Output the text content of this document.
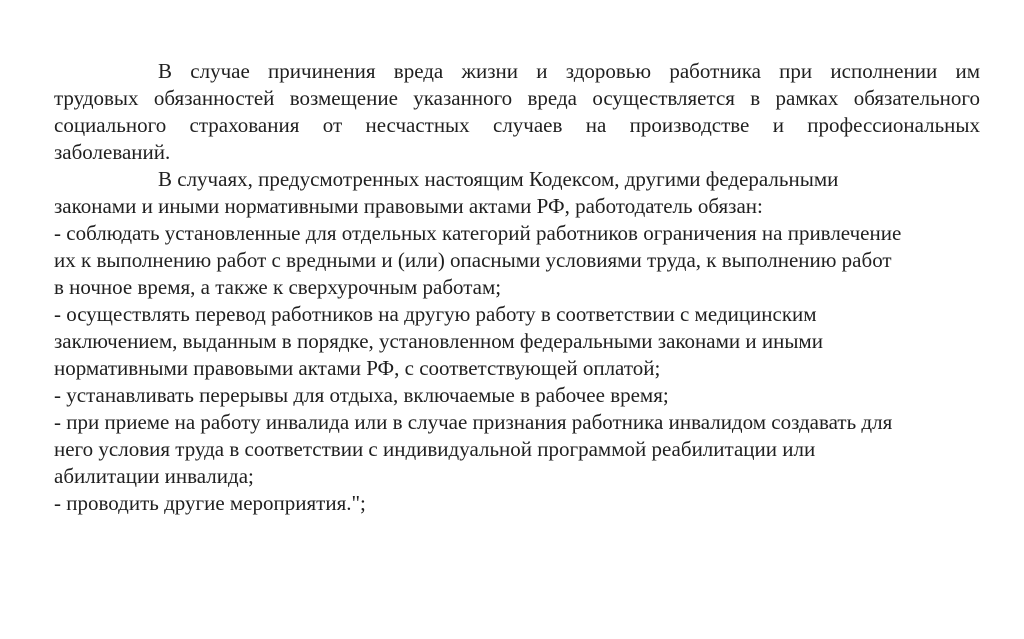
В случае причинения вреда жизни и здоровью работника при исполнении им
трудовых обязанностей возмещение указанного вреда осуществляется в рамках обязательного
социального страхования от несчастных случаев на производстве и профессиональных
заболеваний.
В случаях, предусмотренных настоящим Кодексом, другими федеральными
законами и иными нормативными правовыми актами РФ, работодатель обязан:
- соблюдать установленные для отдельных категорий работников ограничения на привлечение
их к выполнению работ с вредными и (или) опасными условиями труда, к выполнению работ
в ночное время, а также к сверхурочным работам;
- осуществлять перевод работников на другую работу в соответствии с медицинским
заключением, выданным в порядке, установленном федеральными законами и иными
нормативными правовыми актами РФ, с соответствующей оплатой;
- устанавливать перерывы для отдыха, включаемые в рабочее время;
- при приеме на работу инвалида или в случае признания работника инвалидом создавать для
него условия труда в соответствии с индивидуальной программой реабилитации или
абилитации инвалида;
- проводить другие мероприятия.";
